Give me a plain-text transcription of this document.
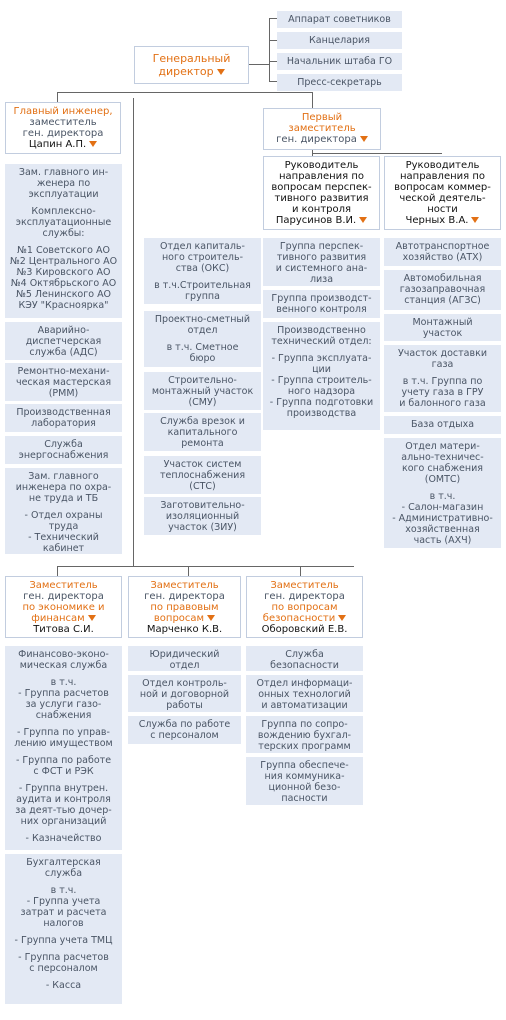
Генеральный директор
Аппарат советников
Канцелария
Начальник штаба ГО
Пресс-секретарь
Главный инженер,
заместитель
ген. директора
Цапин А.П.
Первый
заместитель
ген. директора
Руководитель
направления по
вопросам перспек-
тивного развития
и контроля
Парусинов В.И.
Руководитель
направления по
вопросам коммер-
ческой деятель-
ности
Черных В.А.
Заместитель
ген. директора
по экономике и
финансам
Титова С.И.
Заместитель
ген. директора
по правовым
вопросам
Марченко К.В.
Заместитель
ген. директора
по вопросам
безопасности
Оборовский Е.В.
Зам. главного ин-
женера по
эксплуатации
Комплексно-
эксплуатационные
службы:
№1 Советского АО
№2 Центрального АО
№3 Кировского АО
№4 Октябрьского АО
№5 Ленинского АО
КЭУ "Красноярка"
Аварийно-
диспетчерская
служба (АДС)
Ремонтно-механи-
ческая мастерская
(РММ)
Производственная
лаборатория
Служба
энергоснабжения
Зам. главного
инженера по охра-
не труда и ТБ
- Отдел охраны
труда
- Технический
кабинет
Отдел капиталь-
ного строитель-
ства (ОКС)
в т.ч.Строительная
группа
Проектно-сметный
отдел
в т.ч. Сметное
бюро
Строительно-
монтажный участок
(СМУ)
Служба врезок и
капитального
ремонта
Участок систем
теплоснабжения
(СТС)
Заготовительно-
изоляционный
участок (ЗИУ)
Группа перспек-
тивного развития
и системного ана-
лиза
Группа производст-
венного контроля
Производственно
технический отдел:
- Группа эксплуата-
ции
- Группа строитель-
ного надзора
- Группа подготовки
производства
Автотранспортное
хозяйство (АТХ)
Автомобильная
газозаправочная
станция (АГЗС)
Монтажный
участок
Участок доставки
газа
в т.ч. Группа по
учету газа в ГРУ
и балонного газа
База отдыха
Отдел матери-
ально-техничес-
кого снабжения
(ОМТС)
в т.ч.
- Салон-магазин
- Административно-
хозяйственная
часть (АХЧ)
Финансово-эконо-
мическая служба
в т.ч.
- Группа расчетов
за услуги газо-
снабжения
- Группа по управ-
лению имуществом
- Группа по работе
с ФСТ и РЭК
- Группа внутрен.
аудита и контроля
за деят-тью дочер-
них организаций
- Казначейство
Бухгалтерская
служба
в т.ч.
- Группа учета
затрат и расчета
налогов
- Группа учета ТМЦ
- Группа расчетов
с персоналом
- Касса
Юридический
отдел
Отдел контроль-
ной и договорной
работы
Служба по работе
с персоналом
Служба
безопасности
Отдел информаци-
онных технологий
и автоматизации
Группа по сопро-
вождению бухгал-
терских программ
Группа обеспече-
ния коммуникa-
ционной безо-
пасности
